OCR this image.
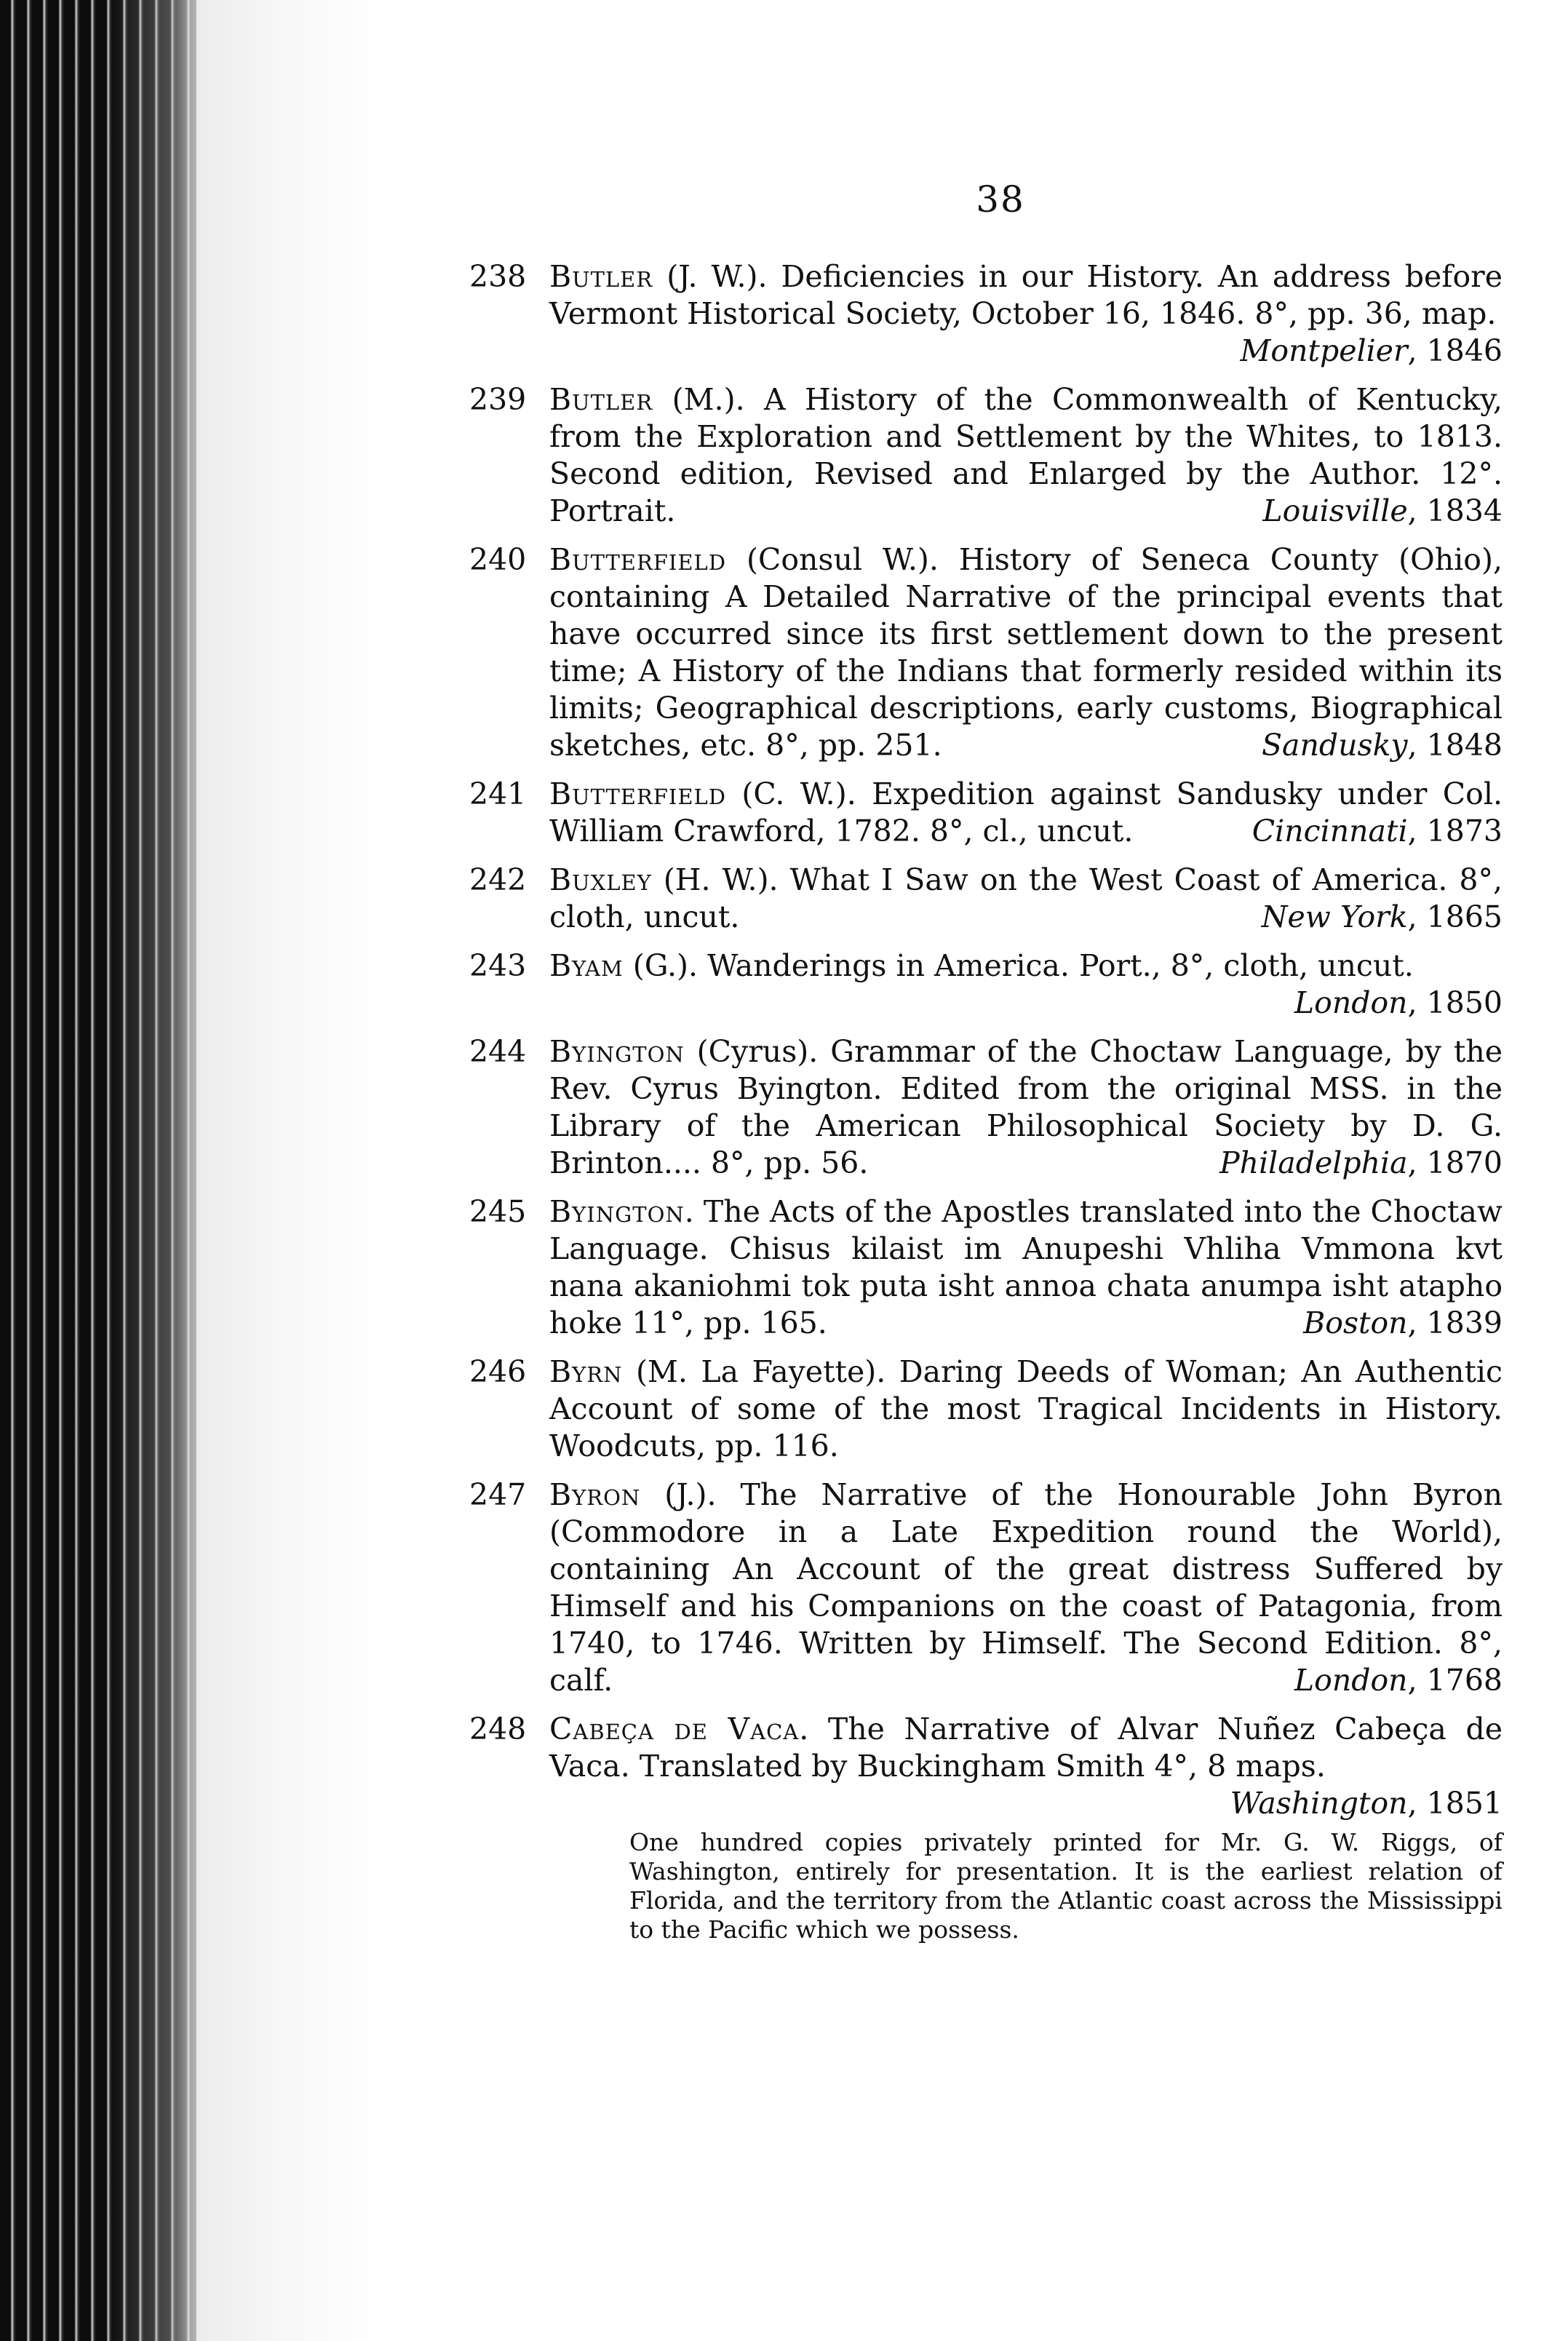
38
238 Butler (J. W.). Deficiencies in our History. An address before Vermont Historical Society, October 16, 1846. 8°, pp. 36, map.
Montpelier, 1846
239 Butler (M.). A History of the Commonwealth of Kentucky, from the Exploration and Settlement by the Whites, to 1813. Second edition, Revised and Enlarged by the Author. 12°. Portrait.	Louisville, 1834
240 Butterfield (Consul W.). History of Seneca County (Ohio), containing A Detailed Narrative of the principal events that have occurred since its first settlement down to the present time; A History of the Indians that formerly resided within its limits; Geographical descriptions, early customs, Biographical sketches, etc. 8°, pp. 251.	Sandusky, 1848
241 Butterfield (C. W.). Expedition against Sandusky under Col. William Crawford, 1782. 8°, cl., uncut.	Cincinnati, 1873
242 Buxley (H. W.). What I Saw on the West Coast of America. 8°, cloth, uncut.	New York, 1865
243 Byam (G.). Wanderings in America. Port., 8°, cloth, uncut.
London, 1850
244 Byington (Cyrus). Grammar of the Choctaw Language, by the Rev. Cyrus Byington. Edited from the original MSS. in the Library of the American Philosophical Society by D. G. Brinton.... 8°, pp. 56.	Philadelphia, 1870
245 Byington. The Acts of the Apostles translated into the Choctaw Language. Chisus kilaist im Anupeshi Vhliha Vmmona kvt nana akaniohmi tok puta isht annoa chata anumpa isht atapho hoke 11°, pp. 165.	Boston, 1839
246 Byrn (M. La Fayette). Daring Deeds of Woman; An Authentic Account of some of the most Tragical Incidents in History. Woodcuts, pp. 116.
247 Byron (J.). The Narrative of the Honourable John Byron (Commodore in a Late Expedition round the World), containing An Account of the great distress Suffered by Himself and his Companions on the coast of Patagonia, from 1740, to 1746. Written by Himself. The Second Edition. 8°, calf.	London, 1768
248 Cabeça de Vaca. The Narrative of Alvar Nuñez Cabeça de Vaca. Translated by Buckingham Smith 4°, 8 maps.
Washington, 1851
One hundred copies privately printed for Mr. G. W. Riggs, of Washington, entirely for presentation. It is the earliest relation of Florida, and the territory from the Atlantic coast across the Mississippi to the Pacific which we possess.
